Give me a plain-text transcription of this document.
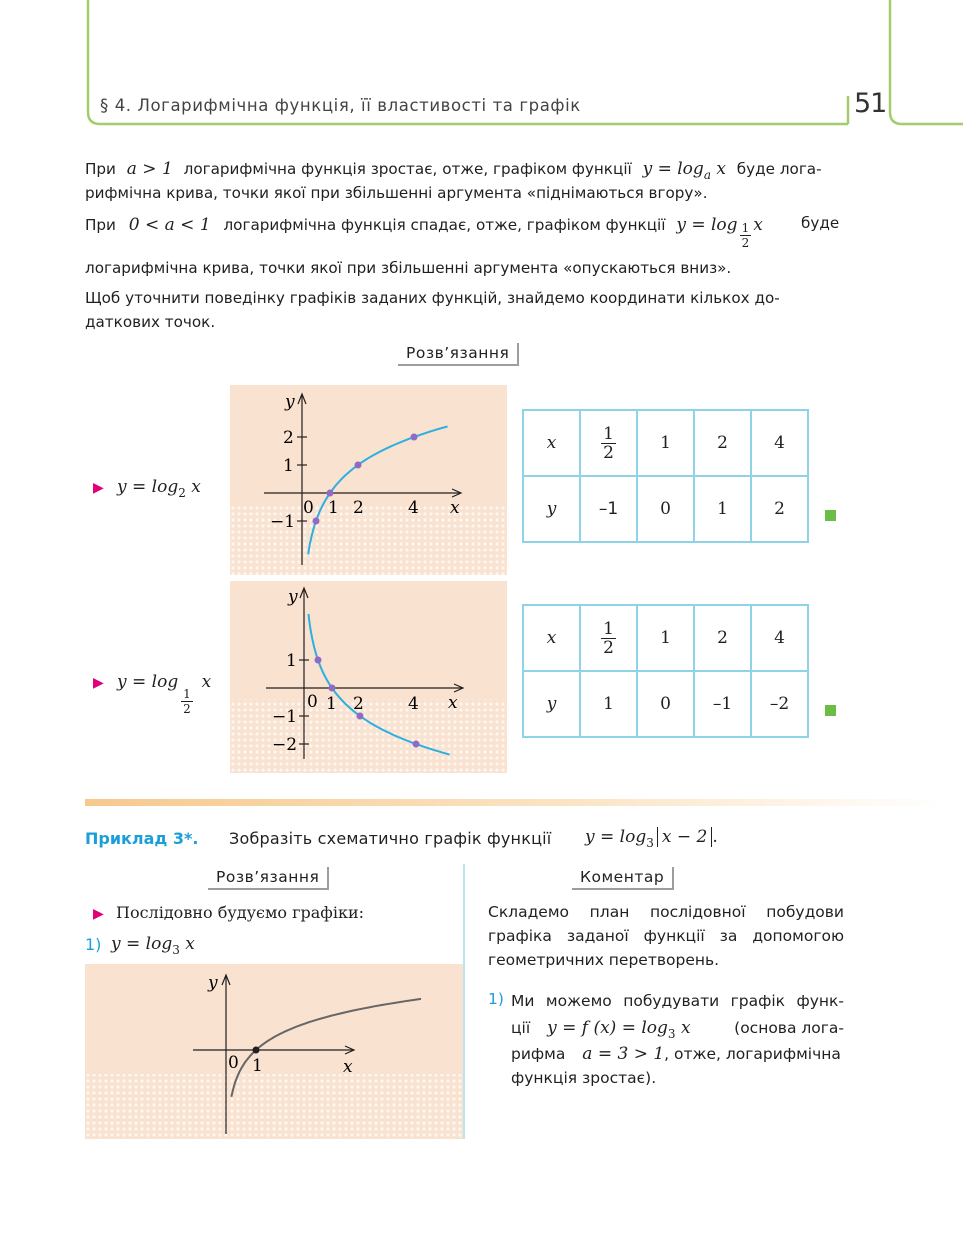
§ 4. Логарифмічна функція, її властивості та графік	51
При a > 1 логарифмічна функція зростає, отже, графіком функції $y = \log_a x$ буде лога-
рифмічна крива, точки якої при збільшенні аргумента «піднімаються вгору».
При 0 < a < 1 логарифмічна функція спадає, отже, графіком функції $y = \log \frac{1}{2}$ x	буде
логарифмічна крива, точки якої при збільшенні аргумента «опускаються вниз».
Щоб уточнити поведінку графіків заданих функцій, знайдемо координати кількох до-
даткових точок.
Розв’язання
▶ $y = \log_2 x$
▶ y = log x
1
2
y
x
0 1 2	4
2
1
−1
y
x
0 1 2	4
1
−1
−2
x	$\frac{1}{2}$	1	2	4
y	–1	0	1	2
x	$\frac{1}{2}$	1	2	4
y	1	0	–1	–2
Приклад 3*. Зобразіть схематично графік функції $y = \log_3 x - 2$ .
Розв’язання	Коментар
▶ Послідовно будуємо графіки:
1) $y = \log_3 x$
y
x
0 1
Складемо план послідовної побудови
графіка заданої функції за допомогою
геометричних перетворень.
1) Ми можемо побудувати графік функ-
ції y = f $(x) = \log_3 x$	(основа лога-
рифма a = 3 > 1, отже, логарифмічна
функція зростає).
